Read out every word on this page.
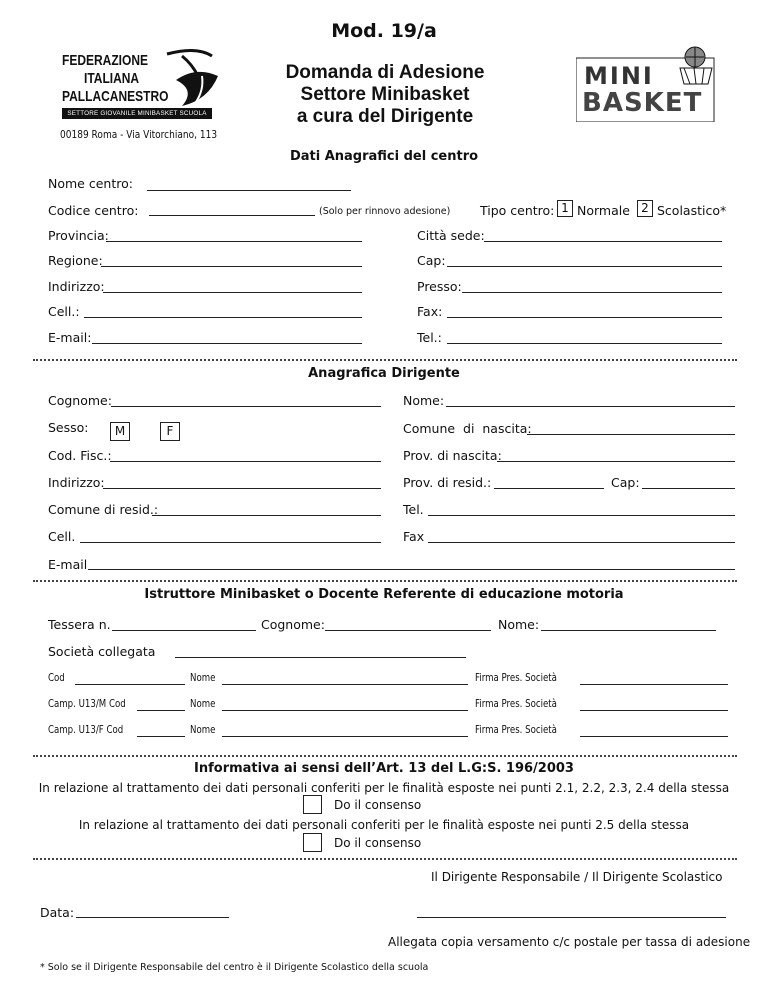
Mod. 19/a
FEDERAZIONE
ITALIANA
PALLACANESTRO
SETTORE GIOVANILE MINIBASKET SCUOLA
00189 Roma - Via Vitorchiano, 113
Domanda di Adesione
Settore Minibasket
a cura del Dirigente
MINI
BASKET
Dati Anagrafici del centro
Nome centro:
Codice centro:	(Solo per rinnovo adesione) Tipo centro: 1 Normale 2 Scolastico*
Provincia:	Città sede:
Regione:	Cap:
Indirizzo:	Presso:
Cell.:	Fax:
E-mail:	Tel.:
Anagrafica Dirigente
Cognome:	Nome:
Sesso:	M	F	Comune  di  nascita:
Cod. Fisc.:	Prov. di nascita:
Indirizzo:	Prov. di resid.:	Cap:
Comune di resid.:	Tel.
Cell.	Fax
E-mail
Istruttore Minibasket o Docente Referente di educazione motoria
Tessera n.	Cognome:	Nome:
Società collegata
Cod	Nome	Firma Pres. Società
Camp. U13/M Cod	Nome	Firma Pres. Società
Camp. U13/F Cod	Nome	Firma Pres. Società
Informativa ai sensi dell’Art. 13 del L.G:S. 196/2003
In relazione al trattamento dei dati personali conferiti per le finalità esposte nei punti 2.1, 2.2, 2.3, 2.4 della stessa
Do il consenso
In relazione al trattamento dei dati personali conferiti per le finalità esposte nei punti 2.5 della stessa
Do il consenso
Il Dirigente Responsabile / Il Dirigente Scolastico
Data:
Allegata copia versamento c/c postale per tassa di adesione
* Solo se il Dirigente Responsabile del centro è il Dirigente Scolastico della scuola
